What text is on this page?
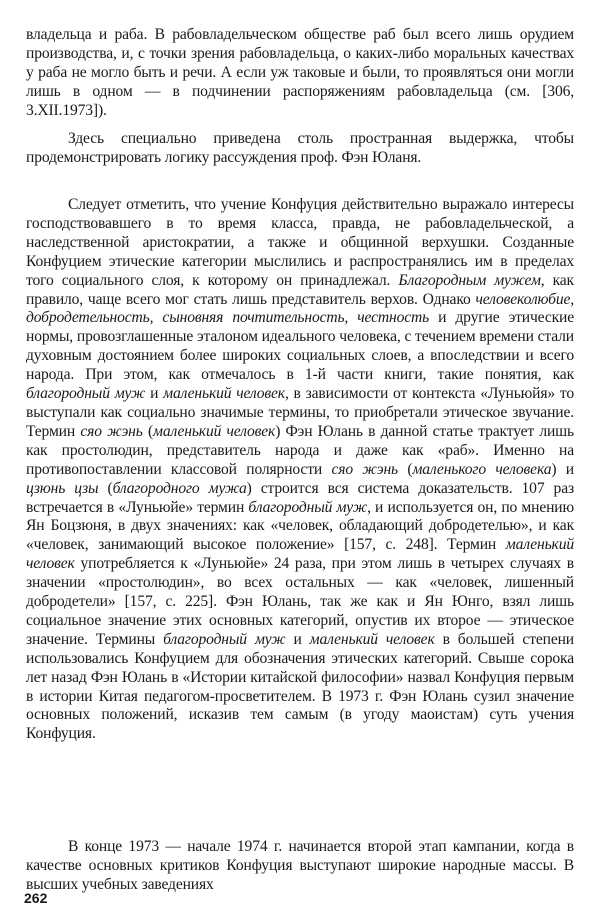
владельца и раба. В рабовладельческом обществе раб был всего лишь орудием производства, и, с точки зрения рабовладельца, о каких-либо моральных качествах у раба не могло быть и речи. А если уж таковые и были, то проявляться они могли лишь в одном — в подчинении распоряжениям рабовладельца (см. [306, 3.XII.1973]).

Здесь специально приведена столь пространная выдержка, чтобы продемонстрировать логику рассуждения проф. Фэн Юланя.

Следует отметить, что учение Конфуция действительно выражало интересы господствовавшего в то время класса, правда, не рабовладельческой, а наследственной аристократии, а также и общинной верхушки. Созданные Конфуцием этические категории мыслились и распространялись им в пределах того социального слоя, к которому он принадлежал. Благородным мужем, как правило, чаще всего мог стать лишь представитель верхов. Однако человеколюбие, добродетельность, сыновняя почтительность, честность и другие этические нормы, провозглашенные эталоном идеального человека, с течением времени стали духовным достоянием более широких социальных слоев, а впоследствии и всего народа. При этом, как отмечалось в 1-й части книги, такие понятия, как благородный муж и маленький человек, в зависимости от контекста «Луньюйя» то выступали как социально значимые термины, то приобретали этическое звучание. Термин сяо жэнь (маленький человек) Фэн Юлань в данной статье трактует лишь как простолюдин, представитель народа и даже как «раб». Именно на противопоставлении классовой полярности сяо жэнь (маленького человека) и цзюнь цзы (благородного мужа) строится вся система доказательств. 107 раз встречается в «Луньюйе» термин благородный муж, и используется он, по мнению Ян Боцзюня, в двух значениях: как «человек, обладающий добродетелью», и как «человек, занимающий высокое положение» [157, с. 248]. Термин маленький человек употребляется к «Луньюйе» 24 раза, при этом лишь в четырех случаях в значении «простолюдин», во всех остальных — как «человек, лишенный добродетели» [157, с. 225]. Фэн Юлань, так же как и Ян Юнго, взял лишь социальное значение этих основных категорий, опустив их второе — этическое значение. Термины благородный муж и маленький человек в большей степени использовались Конфуцием для обозначения этических категорий. Свыше сорока лет назад Фэн Юлань в «Истории китайской философии» назвал Конфуция первым в истории Китая педагогом-просветителем. В 1973 г. Фэн Юлань сузил значение основных положений, исказив тем самым (в угоду маоистам) суть учения Конфуция.

В конце 1973 — начале 1974 г. начинается второй этап кампании, когда в качестве основных критиков Конфуция выступают широкие народные массы. В высших учебных заведениях

262
